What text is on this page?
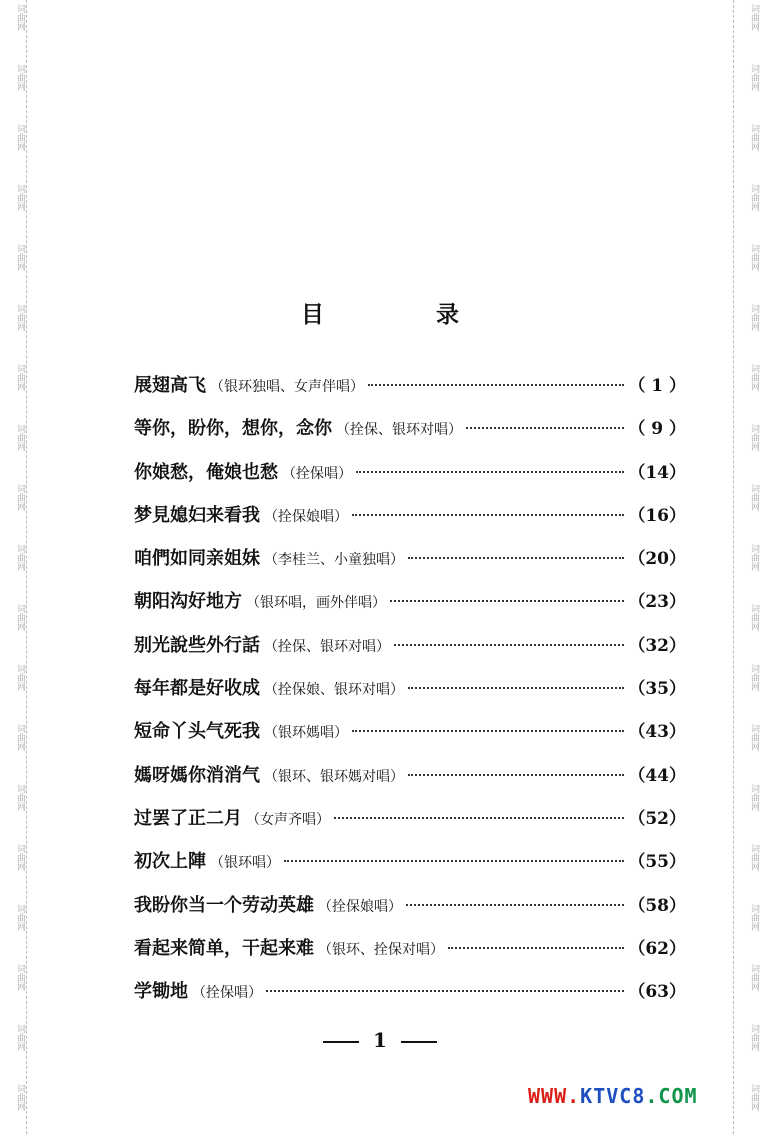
词曲网
词曲网
词曲网
词曲网
词曲网
词曲网
词曲网
词曲网
词曲网
词曲网
词曲网
词曲网
词曲网
词曲网
词曲网
词曲网
词曲网
词曲网
词曲网
词曲网
词曲网
词曲网
词曲网
词曲网
词曲网
词曲网
词曲网
词曲网
词曲网
词曲网
词曲网
词曲网
词曲网
词曲网
词曲网
词曲网
词曲网
词曲网
目 录
展翅高飞 （银环独唱、女声伴唱）	（ 1 ）
等你，盼你，想你，念你 （拴保、银环对唱）	（ 9 ）
你娘愁，俺娘也愁 （拴保唱）	（14）
梦見媳妇来看我 （拴保娘唱）	（16）
咱們如同亲姐妹 （李桂兰、小童独唱）	（20）
朝阳沟好地方 （银环唱，画外伴唱）	（23）
别光說些外行話 （拴保、银环对唱）	（32）
每年都是好收成 （拴保娘、银环对唱）	（35）
短命丫头气死我 （银环媽唱）	（43）
媽呀媽你消消气 （银环、银环媽对唱）	（44）
过罢了正二月 （女声齐唱）	（52）
初次上陣 （银环唱）	（55）
我盼你当一个劳动英雄 （拴保娘唱）	（58）
看起来简单，干起来难 （银环、拴保对唱）	（62）
学锄地 （拴保唱）	（63）
1
WWW.KTVC8.COM
